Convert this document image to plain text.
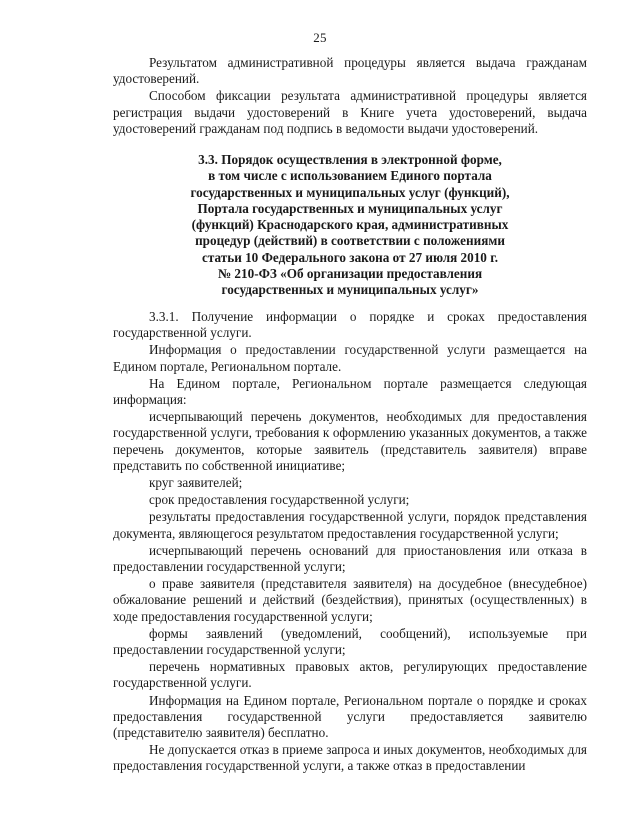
25

Результатом административной процедуры является выдача гражданам удостоверений.

Способом фиксации результата административной процедуры является регистрация выдачи удостоверений в Книге учета удостоверений, выдача удостоверений гражданам под подпись в ведомости выдачи удостоверений.

3.3. Порядок осуществления в электронной форме,
в том числе с использованием Единого портала
государственных и муниципальных услуг (функций),
Портала государственных и муниципальных услуг
(функций) Краснодарского края, административных
процедур (действий) в соответствии с положениями
статьи 10 Федерального закона от 27 июля 2010 г.
№ 210-ФЗ «Об организации предоставления
государственных и муниципальных услуг»

3.3.1. Получение информации о порядке и сроках предоставления государственной услуги.

Информация о предоставлении государственной услуги размещается на Едином портале, Региональном портале.

На Едином портале, Региональном портале размещается следующая информация:

исчерпывающий перечень документов, необходимых для предоставления государственной услуги, требования к оформлению указанных документов, а также перечень документов, которые заявитель (представитель заявителя) вправе представить по собственной инициативе;

круг заявителей;

срок предоставления государственной услуги;

результаты предоставления государственной услуги, порядок представления документа, являющегося результатом предоставления государственной услуги;

исчерпывающий перечень оснований для приостановления или отказа в предоставлении государственной услуги;

о праве заявителя (представителя заявителя) на досудебное (внесудебное) обжалование решений и действий (бездействия), принятых (осуществленных) в ходе предоставления государственной услуги;

формы заявлений (уведомлений, сообщений), используемые при предоставлении государственной услуги;

перечень нормативных правовых актов, регулирующих предоставление государственной услуги.

Информация на Едином портале, Региональном портале о порядке и сроках предоставления государственной услуги предоставляется заявителю (представителю заявителя) бесплатно.

Не допускается отказ в приеме запроса и иных документов, необходимых для предоставления государственной услуги, а также отказ в предоставлении
